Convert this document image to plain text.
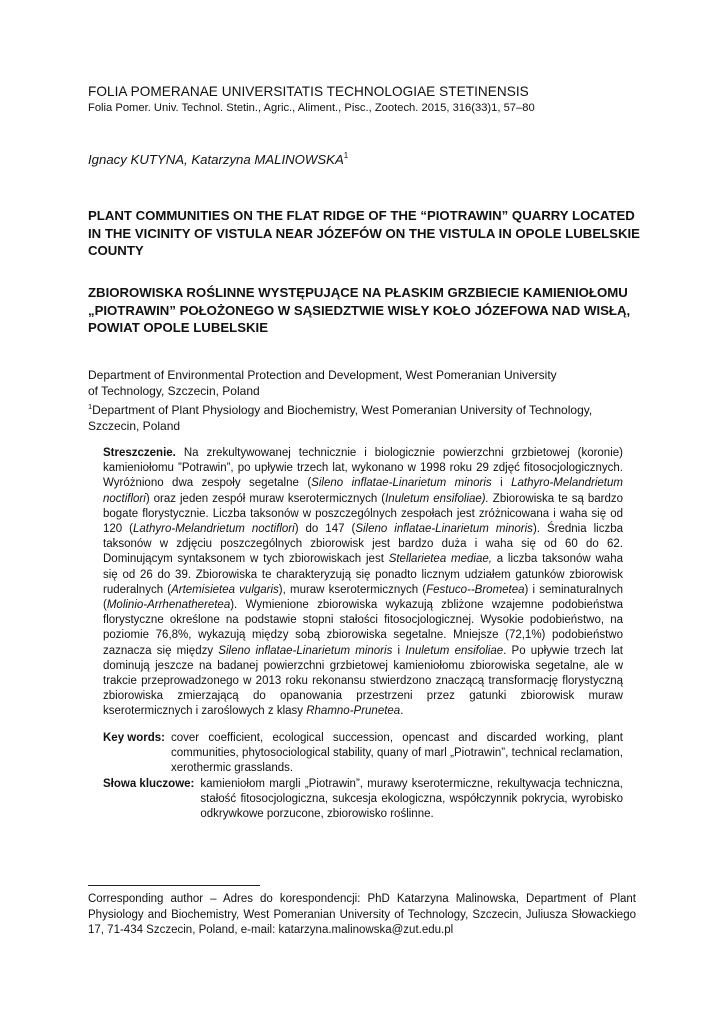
FOLIA POMERANAE UNIVERSITATIS TECHNOLOGIAE STETINENSIS
Folia Pomer. Univ. Technol. Stetin., Agric., Aliment., Pisc., Zootech. 2015, 316(33)1, 57–80
Ignacy KUTYNA, Katarzyna MALINOWSKA$^1$
PLANT COMMUNITIES ON THE FLAT RIDGE OF THE “PIOTRAWIN” QUARRY LOCATED IN THE VICINITY OF VISTULA NEAR JÓZEFÓW ON THE VISTULA IN OPOLE LUBELSKIE COUNTY
ZBIOROWISKA ROŚLINNE WYSTĘPUJĄCE NA PŁASKIM GRZBIECIE KAMIENIOŁOMU „PIOTRAWIN” POŁOŻONEGO W SĄSIEDZTWIE WISŁY KOŁO JÓZEFOWA NAD WISŁĄ, POWIAT OPOLE LUBELSKIE
Department of Environmental Protection and Development, West Pomeranian University
of Technology, Szczecin, Poland
$^1$Department of Plant Physiology and Biochemistry, West Pomeranian University of Technology,
Szczecin, Poland

Streszczenie. Na zrekultywowanej technicznie i biologicznie powierzchni grzbietowej (koronie) kamieniołomu ”Potrawin”, po upływie trzech lat, wykonano w 1998 roku 29 zdjęć fitosocjologicznych. Wyróżniono dwa zespoły segetalne (Sileno inflatae-Linarietum minoris i Lathyro-Melandrietum noctiflori) oraz jeden zespół muraw kserotermicznych (Inuletum ensifoliae). Zbiorowiska te są bardzo bogate florystycznie. Liczba taksonów w poszczególnych zespołach jest zróżnicowana i waha się od 120 (Lathyro-Melandrietum noctiflori) do 147 (Sileno inflatae-Linarietum minoris). Średnia liczba taksonów w zdjęciu poszczególnych zbiorowisk jest bardzo duża i waha się od 60 do 62. Dominującym syntaksonem w tych zbiorowiskach jest Stellarietea mediae, a liczba taksonów waha się od 26 do 39. Zbiorowiska te charakteryzują się ponadto licznym udziałem gatunków zbiorowisk ruderalnych (Artemisietea vulgaris), muraw kserotermicznych (Festuco--Brometea) i seminaturalnych (Molinio-Arrhenatheretea). Wymienione zbiorowiska wykazują zbliżone wzajemne podobieństwa florystyczne określone na podstawie stopni stałości fitosocjologicznej. Wysokie podobieństwo, na poziomie 76,8%, wykazują między sobą zbiorowiska segetalne. Mniejsze (72,1%) podobieństwo zaznacza się między Sileno inflatae-Linarietum minoris i Inuletum ensifoliae. Po upływie trzech lat dominują jeszcze na badanej powierzchni grzbietowej kamieniołomu zbiorowiska segetalne, ale w trakcie przeprowadzonego w 2013 roku rekonansu stwierdzono znaczącą transformację florystyczną zbiorowiska zmierzającą do opanowania przestrzeni przez gatunki zbiorowisk muraw kserotermicznych i zaroślowych z klasy Rhamno-Prunetea.

Key words: cover coefficient, ecological succession, opencast and discarded working, plant communities, phytosociological stability, quany of marl „Piotrawin”, technical reclamation, xerothermic grasslands.
Słowa kluczowe: kamieniołom margli „Piotrawin”, murawy kserotermiczne, rekultywacja techniczna, stałość fitosocjologiczna, sukcesja ekologiczna, współczynnik pokrycia, wyrobisko odkrywkowe porzucone, zbiorowisko roślinne.
Corresponding author – Adres do korespondencji: PhD Katarzyna Malinowska, Department of Plant Physiology and Biochemistry, West Pomeranian University of Technology, Szczecin, Juliusza Słowackiego 17, 71-434 Szczecin, Poland, e-mail: katarzyna.malinowska@zut.edu.pl
